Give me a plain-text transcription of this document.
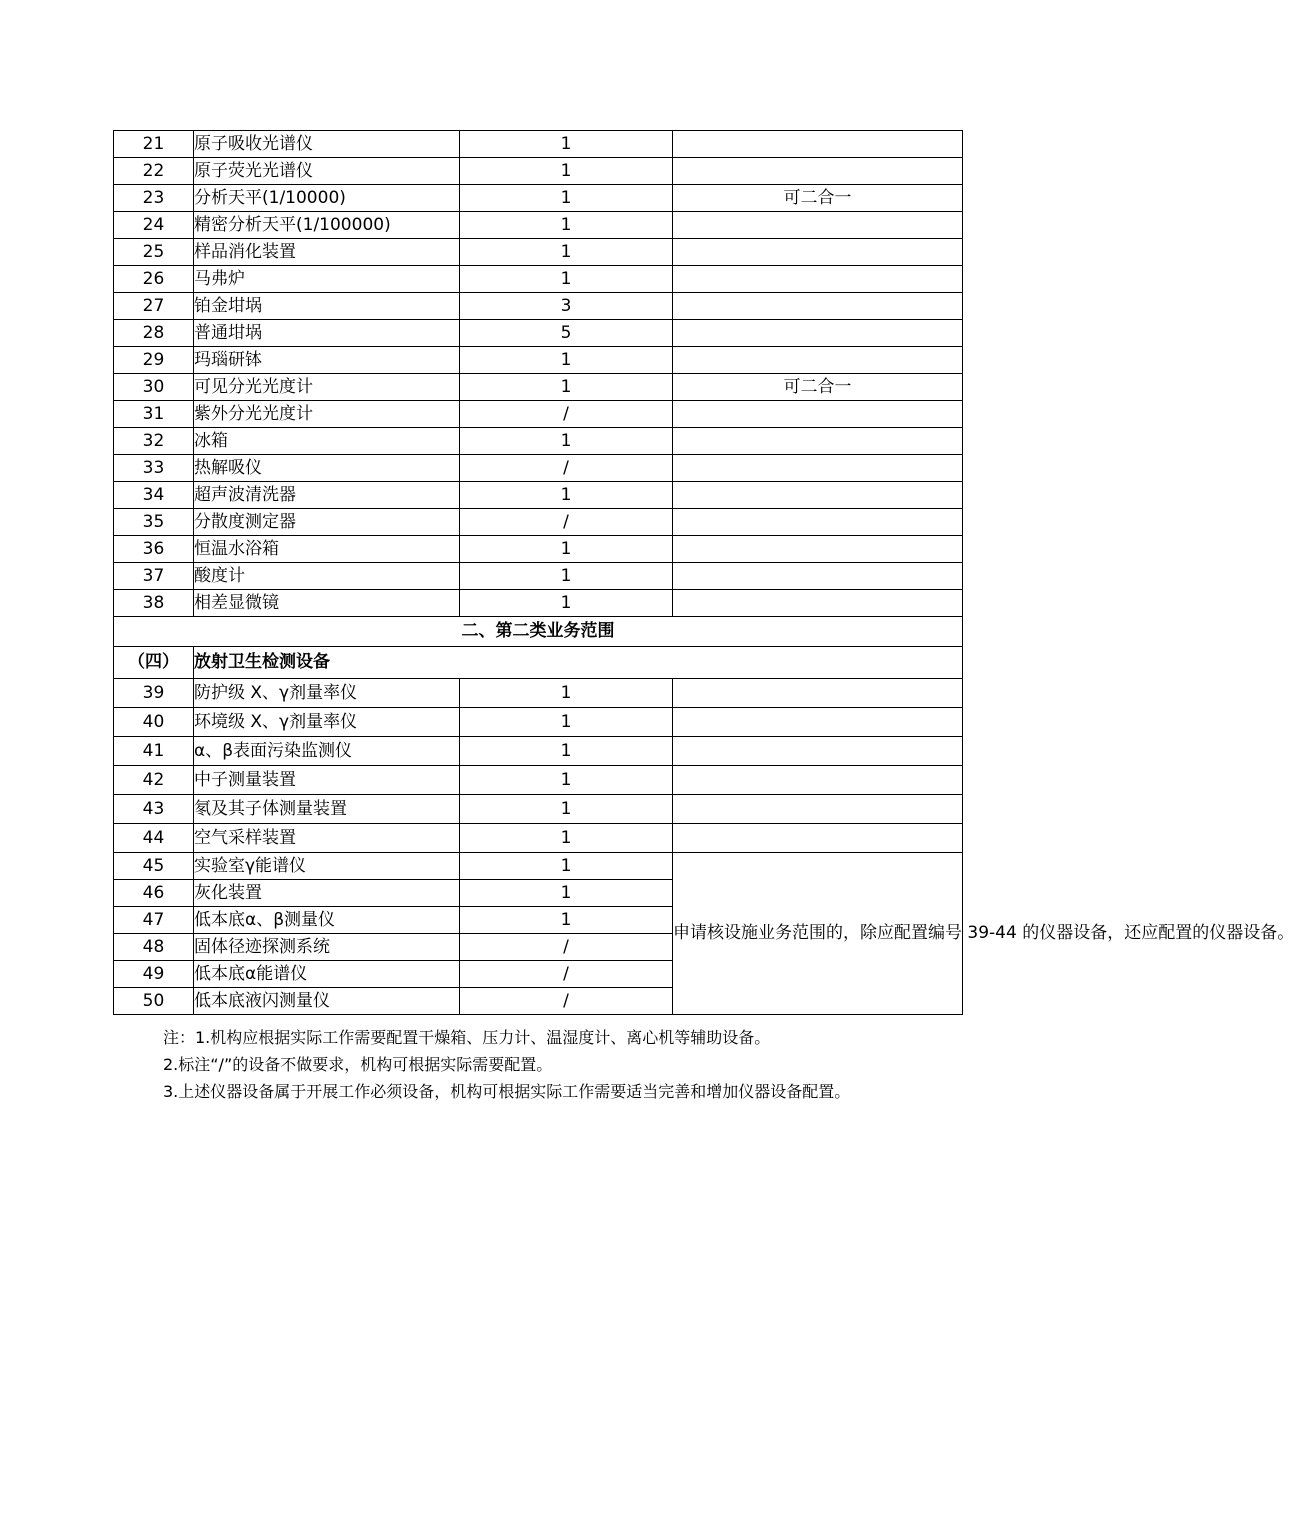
21	原子吸收光谱仪	1	
22	原子荧光光谱仪	1	
23	分析天平(1/10000)	1	可二合一
24	精密分析天平(1/100000)	1	
25	样品消化装置	1	
26	马弗炉	1	
27	铂金坩埚	3	
28	普通坩埚	5	
29	玛瑙研钵	1	
30	可见分光光度计	1	可二合一
31	紫外分光光度计	/	
32	冰箱	1	
33	热解吸仪	/	
34	超声波清洗器	1	
35	分散度测定器	/	
36	恒温水浴箱	1	
37	酸度计	1	
38	相差显微镜	1	
二、第二类业务范围			
（四）	放射卫生检测设备		
39	防护级 X、γ剂量率仪	1	
40	环境级 X、γ剂量率仪	1	
41	α、β表面污染监测仪	1	
42	中子测量装置	1	
43	氡及其子体测量装置	1	
44	空气采样装置	1	
45	实验室γ能谱仪	1	申请核设施业务范围的，除应配置编号 39-44 的仪器设备，还应配置的仪器设备。
46	灰化装置	1	
47	低本底α、β测量仪	1	
48	固体径迹探测系统	/	
49	低本底α能谱仪	/	
50	低本底液闪测量仪	/	

注：1.机构应根据实际工作需要配置干燥箱、压力计、温湿度计、离心机等辅助设备。

2.标注“/”的设备不做要求，机构可根据实际需要配置。

3.上述仪器设备属于开展工作必须设备，机构可根据实际工作需要适当完善和增加仪器设备配置。
